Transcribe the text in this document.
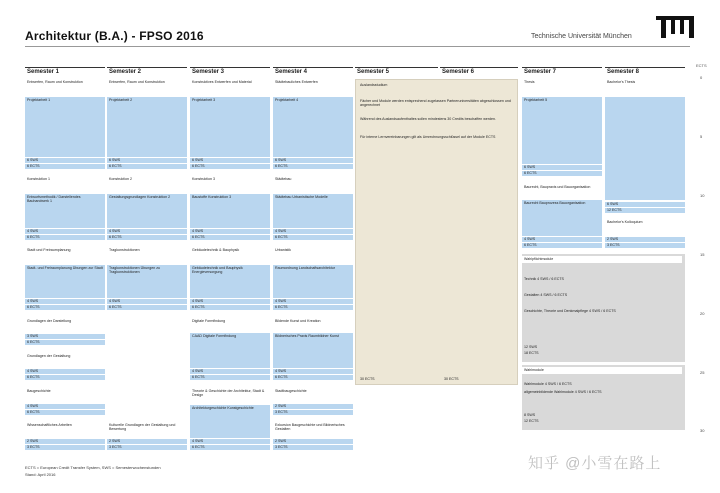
Architektur (B.A.) - FPSO 2016	Technische Universität München
Semester 1	Semester 2	Semester 3	Semester 4	Semester 5	Semester 6	Semester 7	Semester 8
Entwerfen, Raum und Konstruktion
Projektarbeit 1
6 SWS
6 ECTS
Konstruktion 1
Entwurfsmethodik / Darstellendes Bauhandwerk 1
4 SWS
6 ECTS
Stadt und Freiraumplanung
Stadt- und Freiraumplanung Übungen zur Stadt
4 SWS
6 ECTS
Grundlagen der Darstellung
3 SWS
6 ECTS
Grundlagen der Gestaltung
4 SWS
6 ECTS
Baugeschichte
4 SWS
6 ECTS
Wissenschaftliches Arbeiten
2 SWS
3 ECTS
Entwerfen, Raum und Konstruktion
Projektarbeit 2
6 SWS
6 ECTS
Konstruktion 2
Gestaltungsgrundlagen Konstruktion 2
4 SWS
6 ECTS
Tragkonstruktionen
Tragkonstruktionen Übungen zu Tragkonstruktionen
4 SWS
6 ECTS
Kulturelle Grundlagen der Gestaltung und Bewertung
2 SWS
3 ECTS
Konstruktives Entwerfen und Material
Projektarbeit 3
6 SWS
6 ECTS
Konstruktion 3
Baustoffe Konstruktion 3
4 SWS
6 ECTS
Gebäudetechnik & Bauphysik
Gebäudetechnik und Bauphysik Energieversorgung
4 SWS
6 ECTS
Digitale Formfindung
CAAD Digitale Formfindung
4 SWS
6 ECTS
Theorie & Geschichte der Architektur, Stadt & Design
Architekturgeschichte Kunstgeschichte
4 SWS
6 ECTS
Städtebauliches Entwerfen
Projektarbeit 4
6 SWS
6 ECTS
Städtebau
Städtebau Urbanistische Modelle
4 SWS
6 ECTS
Urbanistik
Raumordnung Landschaftsarchitektur
4 SWS
6 ECTS
Bildende Kunst und Kreation
Bildnerisches Praxis Raumbildner Kunst
4 SWS
6 ECTS
Stadtbaugeschichte
2 SWS
3 ECTS
Exkursion Baugeschichte und Bildnerisches Gestalten
2 SWS
3 ECTS
Auslandsstudium
Fächer und Module werden entsprechend zugelassen Partneruniversitäten abgeschlossen und angerechnet
Während des Auslandsaufenthaltes sollen mindestens 30 Credits beschaffen werden.
Für interne Lernvereinbarungen gilt als Umrechnungsschlüssel auf der Module ECTS
30 ECTS	30 ECTS
Thesis
Projektarbeit 5
6 SWS
6 ECTS
Baurecht, Baupraxis und Bauorganisation
Baurecht Bauprozess Bauorganisation
4 SWS
6 ECTS
Wahlpflichtmodule
Technik 4 SWS / 6 ECTS
Gestalten 4 SWS / 6 ECTS
Geschichte, Theorie und Denkmalpflege 4 SWS / 6 ECTS
12 SWS
18 ECTS
Wahlmodule
Wahlmodule 4 SWS / 6 ECTS
allgemeinbildende Wahlmodule 4 SWS / 6 ECTS
8 SWS
12 ECTS
Bachelor's Thesis
6 SWS
12 ECTS
Bachelor's Kolloquium
2 SWS
3 ECTS
ECTS
0
5
10
15
20
25
30
ECTS = European Credit Transfer System, SWS = Semesterwochenstunden
Stand: April 2016
知乎 @小雪在路上
